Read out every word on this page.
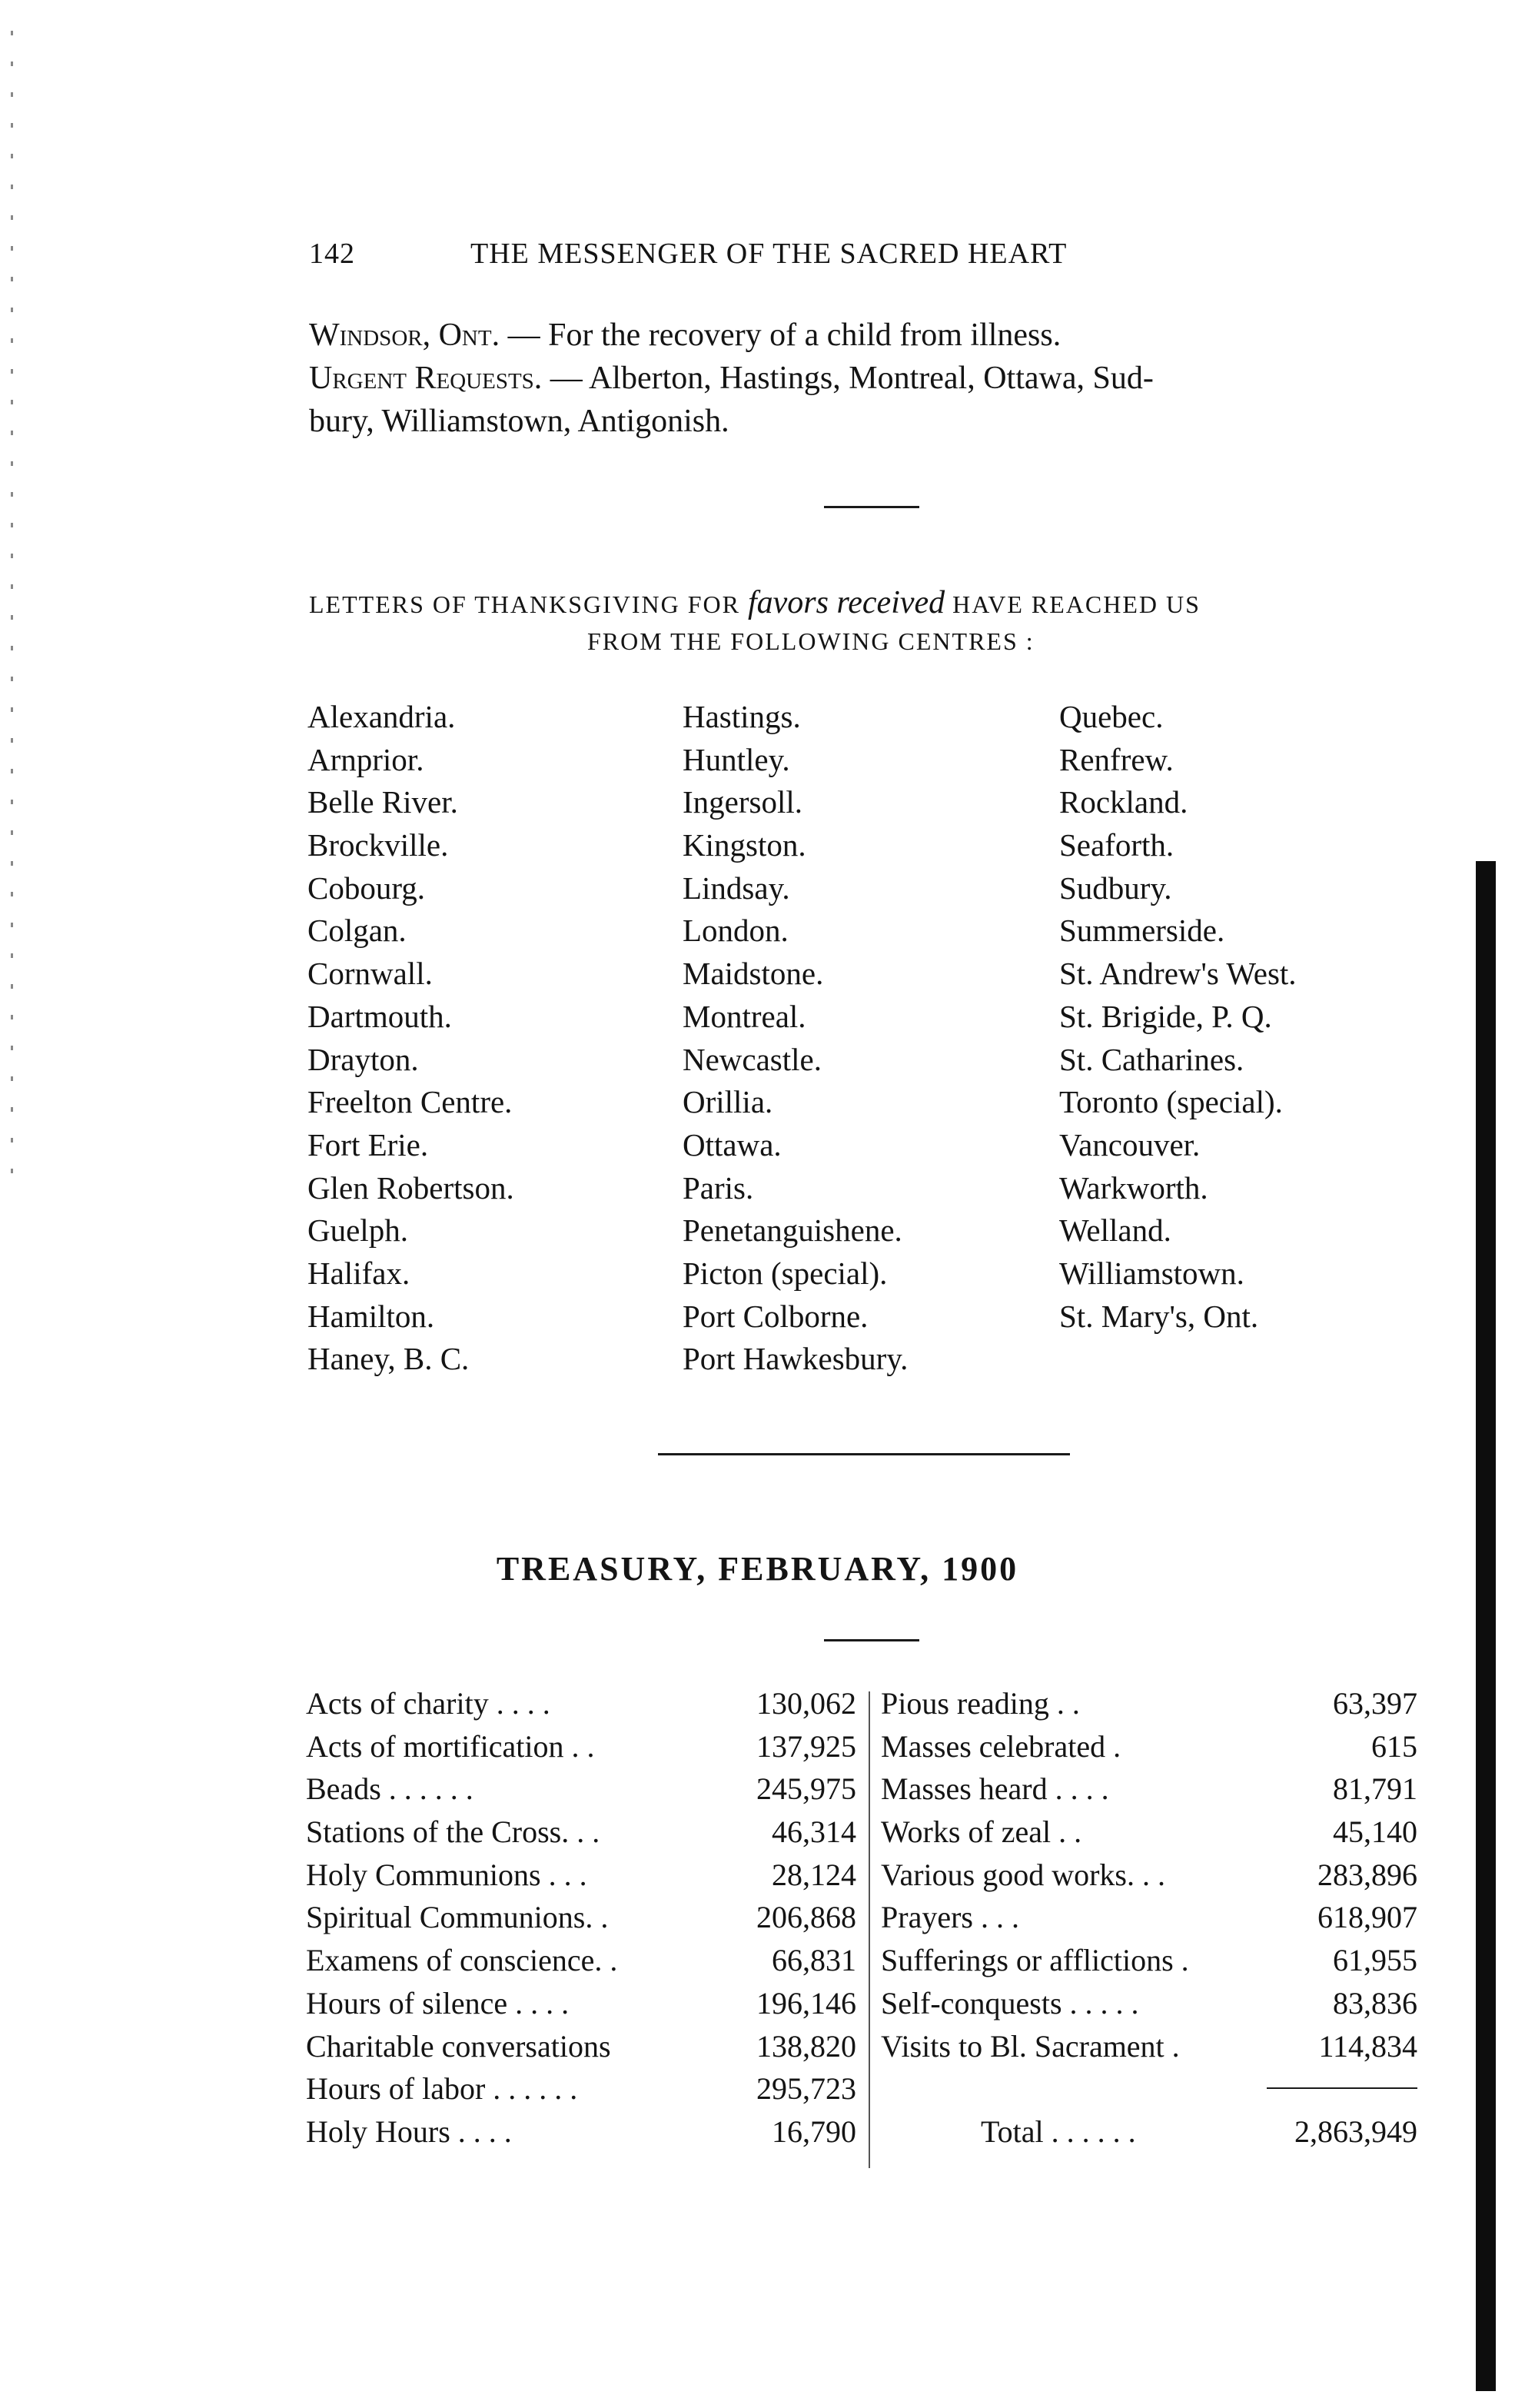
142	THE MESSENGER OF THE SACRED HEART
Windsor, Ont. — For the recovery of a child from illness.
Urgent Requests. — Alberton, Hastings, Montreal, Ottawa, Sud-
bury, Williamstown, Antigonish.
LETTERS OF THANKSGIVING FOR favors received HAVE REACHED US
FROM THE FOLLOWING CENTRES :
Alexandria.
Arnprior.
Belle River.
Brockville.
Cobourg.
Colgan.
Cornwall.
Dartmouth.
Drayton.
Freelton Centre.
Fort Erie.
Glen Robertson.
Guelph.
Halifax.
Hamilton.
Haney, B. C.
Hastings.
Huntley.
Ingersoll.
Kingston.
Lindsay.
London.
Maidstone.
Montreal.
Newcastle.
Orillia.
Ottawa.
Paris.
Penetanguishene.
Picton (special).
Port Colborne.
Port Hawkesbury.
Quebec.
Renfrew.
Rockland.
Seaforth.
Sudbury.
Summerside.
St. Andrew's West.
St. Brigide, P. Q.
St. Catharines.
Toronto (special).
Vancouver.
Warkworth.
Welland.
Williamstown.
St. Mary's, Ont.
TREASURY, FEBRUARY, 1900
Acts of charity . . . .	130,062
Acts of mortification . .	137,925
Beads . . . . . .	245,975
Stations of the Cross. . .	46,314
Holy Communions . . .	28,124
Spiritual Communions. .	206,868
Examens of conscience. .	66,831
Hours of silence . . . .	196,146
Charitable conversations	138,820
Hours of labor . . . . . .	295,723
Holy Hours . . . .	16,790
Pious reading . .	63,397
Masses celebrated .	615
Masses heard . . . .	81,791
Works of zeal . .	45,140
Various good works. . .	283,896
Prayers . . .	618,907
Sufferings or afflictions .	61,955
Self-conquests . . . . .	83,836
Visits to Bl. Sacrament .	114,834
Total . . . . . .	2,863,949
